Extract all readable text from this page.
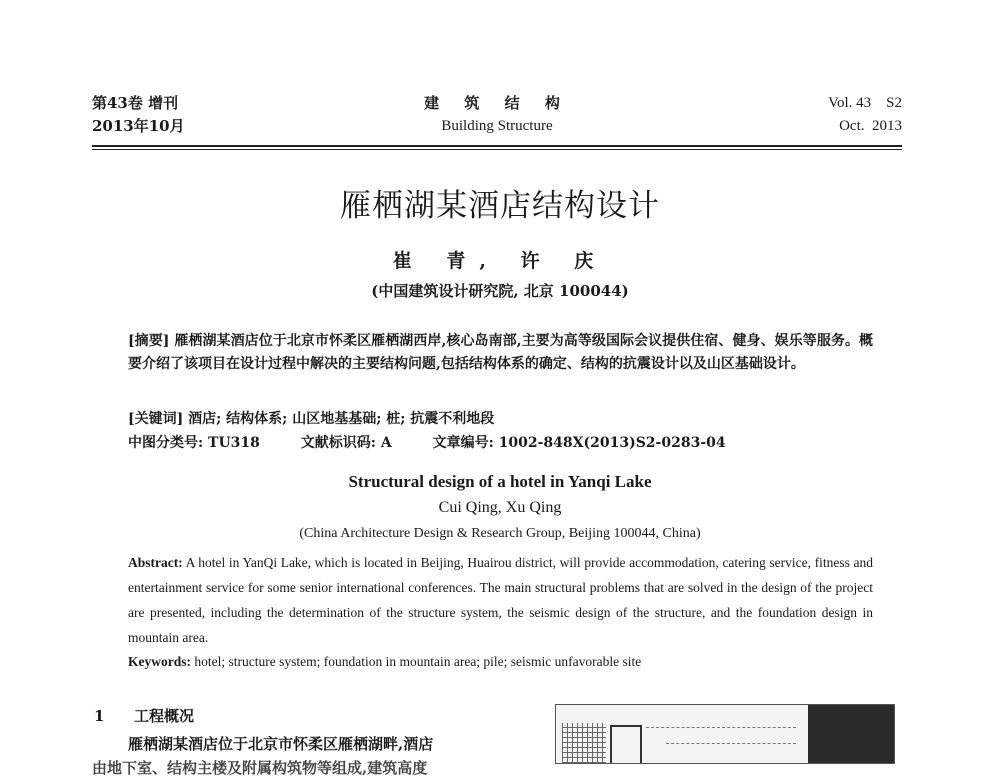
第43卷 增刊
2013年10月
建 筑 结 构
Building Structure
Vol. 43    S2
Oct.  2013
雁栖湖某酒店结构设计
崔 青, 许 庆
(中国建筑设计研究院, 北京 100044)
[摘要] 雁栖湖某酒店位于北京市怀柔区雁栖湖西岸,核心岛南部,主要为高等级国际会议提供住宿、健身、娱乐等服务。概要介绍了该项目在设计过程中解决的主要结构问题,包括结构体系的确定、结构的抗震设计以及山区基础设计。
[关键词] 酒店; 结构体系; 山区地基基础; 桩; 抗震不利地段
中图分类号: TU318	文献标识码: A	文章编号: 1002-848X(2013)S2-0283-04
Structural design of a hotel in Yanqi Lake
Cui Qing, Xu Qing
(China Architecture Design & Research Group, Beijing 100044, China)
Abstract: A hotel in YanQi Lake, which is located in Beijing, Huairou district, will provide accommodation, catering service, fitness and entertainment service for some senior international conferences. The main structural problems that are solved in the design of the project are presented, including the determination of the structure system, the seismic design of the structure, and the foundation design in mountain area.
Keywords: hotel; structure system; foundation in mountain area; pile; seismic unfavorable site
1 工程概况
雁栖湖某酒店位于北京市怀柔区雁栖湖畔,酒店
由地下室、结构主楼及附属构筑物等组成,建筑高度
